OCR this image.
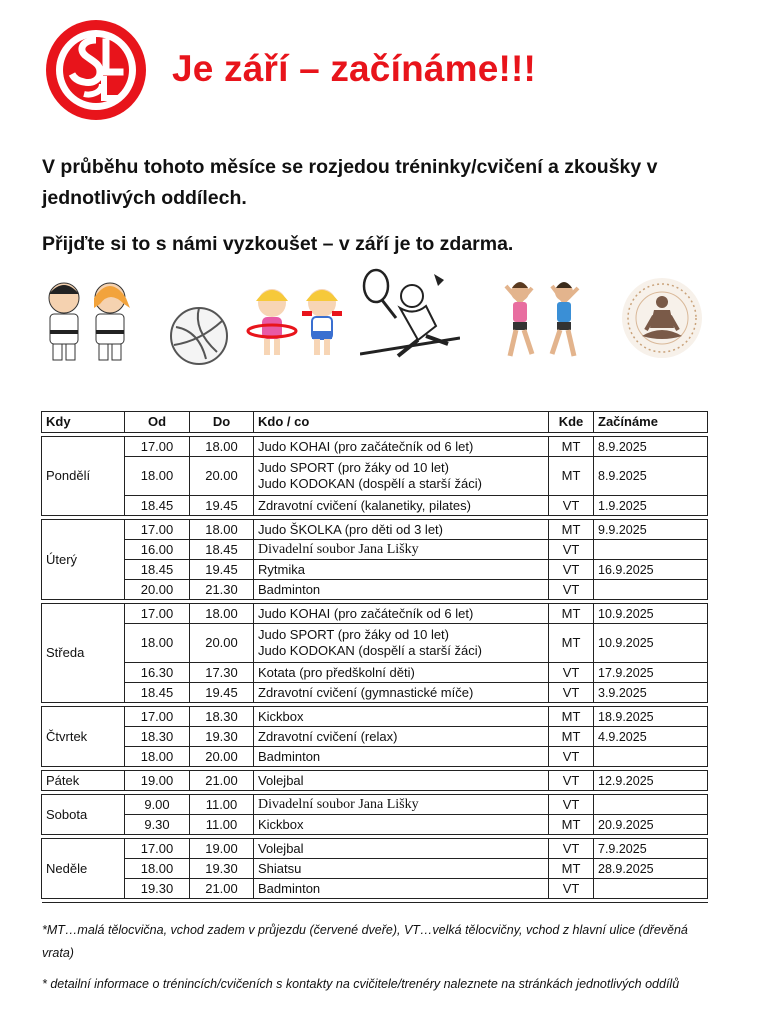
Je září – začínáme!!!

V průběhu tohoto měsíce se rozjedou tréninky/cvičení a zkoušky v jednotlivých oddílech.

Přijďte si to s námi vyzkoušet – v září je to zdarma.

Kdy	Od	Do	Kdo / co	Kde	Začínáme

Pondělí	17.00	18.00	Judo KOHAI (pro začátečník od 6 let)	MT	8.9.2025
	18.00	20.00	Judo SPORT (pro žáky od 10 let)
Judo KODOKAN (dospělí a starší žáci)	MT	8.9.2025
	18.45	19.45	Zdravotní cvičení (kalanetiky, pilates)	VT	1.9.2025

Úterý	17.00	18.00	Judo ŠKOLKA (pro děti od 3 let)	MT	9.9.2025
	16.00	18.45	Divadelní soubor Jana Lišky	VT	
	18.45	19.45	Rytmika	VT	16.9.2025
	20.00	21.30	Badminton	VT	

Středa	17.00	18.00	Judo KOHAI (pro začátečník od 6 let)	MT	10.9.2025
	18.00	20.00	Judo SPORT (pro žáky od 10 let)
Judo KODOKAN (dospělí a starší žáci)	MT	10.9.2025
	16.30	17.30	Kotata (pro předškolní děti)	VT	17.9.2025
	18.45	19.45	Zdravotní cvičení (gymnastické míče)	VT	3.9.2025

Čtvrtek	17.00	18.30	Kickbox	MT	18.9.2025
	18.30	19.30	Zdravotní cvičení (relax)	MT	4.9.2025
	18.00	20.00	Badminton	VT	

Pátek	19.00	21.00	Volejbal	VT	12.9.2025

Sobota	9.00	11.00	Divadelní soubor Jana Lišky	VT	
	9.30	11.00	Kickbox	MT	20.9.2025

Neděle	17.00	19.00	Volejbal	VT	7.9.2025
	18.00	19.30	Shiatsu	MT	28.9.2025
	19.30	21.00	Badminton	VT	

*MT…malá tělocvična, vchod zadem v průjezdu (červené dveře), VT…velká tělocvičny, vchod z hlavní ulice (dřevěná vrata)

* detailní informace o trénincích/cvičeních s kontakty na cvičitele/trenéry naleznete na stránkách jednotlivých oddílů
